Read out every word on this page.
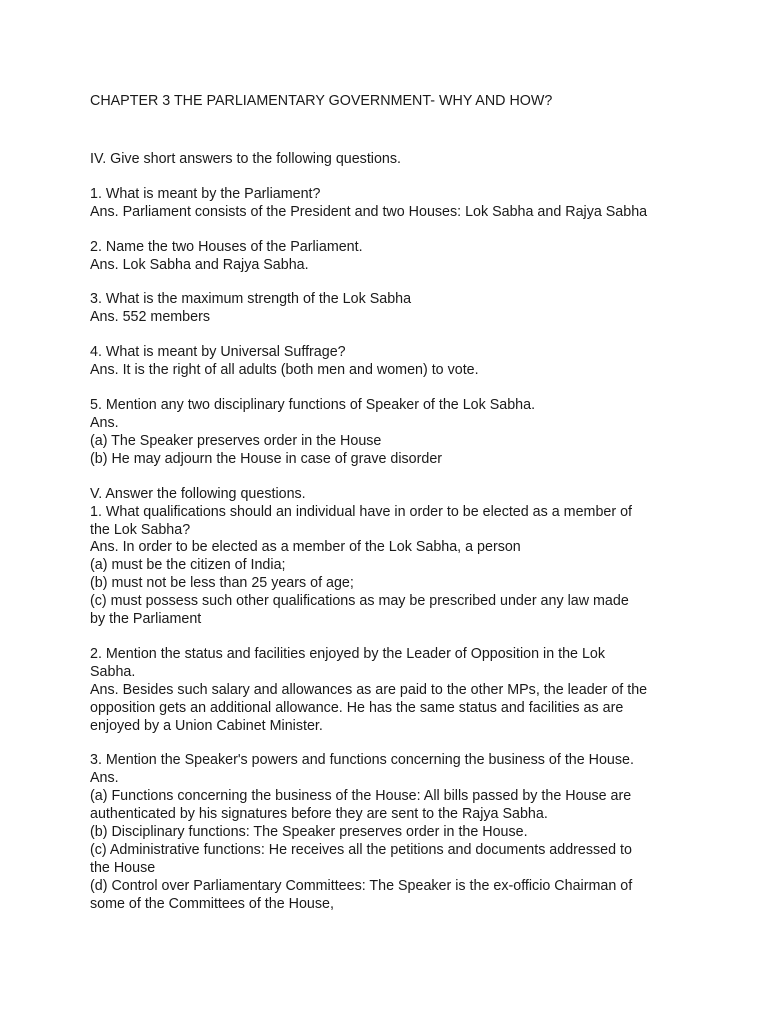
CHAPTER 3 THE PARLIAMENTARY GOVERNMENT- WHY AND HOW?
IV. Give short answers to the following questions.
1. What is meant by the Parliament?
Ans. Parliament consists of the President and two Houses: Lok Sabha and Rajya Sabha
2. Name the two Houses of the Parliament.
Ans. Lok Sabha and Rajya Sabha.
3. What is the maximum strength of the Lok Sabha
Ans. 552 members
4. What is meant by Universal Suffrage?
Ans. It is the right of all adults (both men and women) to vote.
5. Mention any two disciplinary functions of Speaker of the Lok Sabha.
Ans.
(a) The Speaker preserves order in the House
(b) He may adjourn the House in case of grave disorder
V. Answer the following questions.
1. What qualifications should an individual have in order to be elected as a member of
the Lok Sabha?
Ans. In order to be elected as a member of the Lok Sabha, a person
(a) must be the citizen of India;
(b) must not be less than 25 years of age;
(c) must possess such other qualifications as may be prescribed under any law made
by the Parliament
2. Mention the status and facilities enjoyed by the Leader of Opposition in the Lok
Sabha.
Ans. Besides such salary and allowances as are paid to the other MPs, the leader of the
opposition gets an additional allowance. He has the same status and facilities as are
enjoyed by a Union Cabinet Minister.
3. Mention the Speaker's powers and functions concerning the business of the House.
Ans.
(a) Functions concerning the business of the House: All bills passed by the House are
authenticated by his signatures before they are sent to the Rajya Sabha.
(b) Disciplinary functions: The Speaker preserves order in the House.
(c) Administrative functions: He receives all the petitions and documents addressed to
the House
(d) Control over Parliamentary Committees: The Speaker is the ex-officio Chairman of
some of the Committees of the House,
